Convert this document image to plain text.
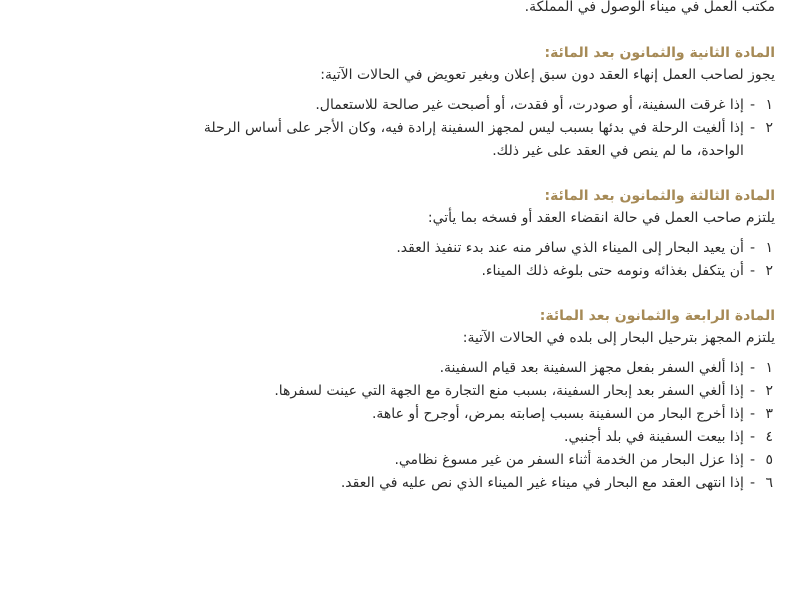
مكتب العمل في ميناء الوصول في المملكة.

المادة الثانية والثمانون بعد المائة:
يجوز لصاحب العمل إنهاء العقد دون سبق إعلان وبغير تعويض في الحالات الآتية:
١
-
إذا غرقت السفينة، أو صودرت، أو فقدت، أو أصبحت غير صالحة للاستعمال.
٢
-
إذا ألغيت الرحلة في بدئها بسبب ليس لمجهز السفينة إرادة فيه، وكان الأجر على أساس الرحلة الواحدة، ما لم ينص في العقد على غير ذلك.
المادة الثالثة والثمانون بعد المائة:
يلتزم صاحب العمل في حالة انقضاء العقد أو فسخه بما يأتي:
١
-
أن يعيد البحار إلى الميناء الذي سافر منه عند بدء تنفيذ العقد.
٢
-
أن يتكفل بغذائه ونومه حتى بلوغه ذلك الميناء.
المادة الرابعة والثمانون بعد المائة:
يلتزم المجهز بترحيل البحار إلى بلده في الحالات الآتية:
١
-
إذا ألغي السفر بفعل مجهز السفينة بعد قيام السفينة.
٢
-
إذا ألغي السفر بعد إبحار السفينة، بسبب منع التجارة مع الجهة التي عينت لسفرها.
٣
-
إذا أخرج البحار من السفينة بسبب إصابته بمرض، أوجرح أو عاهة.
٤
-
إذا بيعت السفينة في بلد أجنبي.
٥
-
إذا عزل البحار من الخدمة أثناء السفر من غير مسوغ نظامي.
٦
-
إذا انتهى العقد مع البحار في ميناء غير الميناء الذي نص عليه في العقد.
